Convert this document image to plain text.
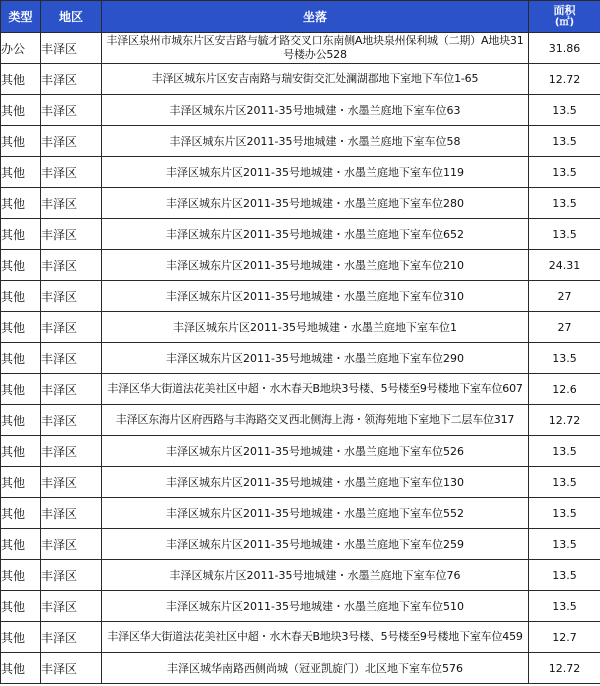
类型	地区	坐落	面积
(㎡)

办公	丰泽区	丰泽区泉州市城东片区安吉路与毓才路交叉口东南侧A地块泉州保利城（二期）A地块31号楼办公528	31.86
其他	丰泽区	丰泽区城东片区安吉南路与瑞安街交汇处澜湖郡地下室地下车位1-65	12.72
其他	丰泽区	丰泽区城东片区2011-35号地城建・水墨兰庭地下室车位63	13.5
其他	丰泽区	丰泽区城东片区2011-35号地城建・水墨兰庭地下室车位58	13.5
其他	丰泽区	丰泽区城东片区2011-35号地城建・水墨兰庭地下室车位119	13.5
其他	丰泽区	丰泽区城东片区2011-35号地城建・水墨兰庭地下室车位280	13.5
其他	丰泽区	丰泽区城东片区2011-35号地城建・水墨兰庭地下室车位652	13.5
其他	丰泽区	丰泽区城东片区2011-35号地城建・水墨兰庭地下室车位210	24.31
其他	丰泽区	丰泽区城东片区2011-35号地城建・水墨兰庭地下室车位310	27
其他	丰泽区	丰泽区城东片区2011-35号地城建・水墨兰庭地下室车位1	27
其他	丰泽区	丰泽区城东片区2011-35号地城建・水墨兰庭地下室车位290	13.5
其他	丰泽区	丰泽区华大街道法花美社区中超・水木春天B地块3号楼、5号楼至9号楼地下室车位607	12.6
其他	丰泽区	丰泽区东海片区府西路与丰海路交叉西北侧海上海・领海苑地下室地下二层车位317	12.72
其他	丰泽区	丰泽区城东片区2011-35号地城建・水墨兰庭地下室车位526	13.5
其他	丰泽区	丰泽区城东片区2011-35号地城建・水墨兰庭地下室车位130	13.5
其他	丰泽区	丰泽区城东片区2011-35号地城建・水墨兰庭地下室车位552	13.5
其他	丰泽区	丰泽区城东片区2011-35号地城建・水墨兰庭地下室车位259	13.5
其他	丰泽区	丰泽区城东片区2011-35号地城建・水墨兰庭地下室车位76	13.5
其他	丰泽区	丰泽区城东片区2011-35号地城建・水墨兰庭地下室车位510	13.5
其他	丰泽区	丰泽区华大街道法花美社区中超・水木春天B地块3号楼、5号楼至9号楼地下室车位459	12.7
其他	丰泽区	丰泽区城华南路西侧尚城（冠亚凯旋门）北区地下室车位576	12.72
